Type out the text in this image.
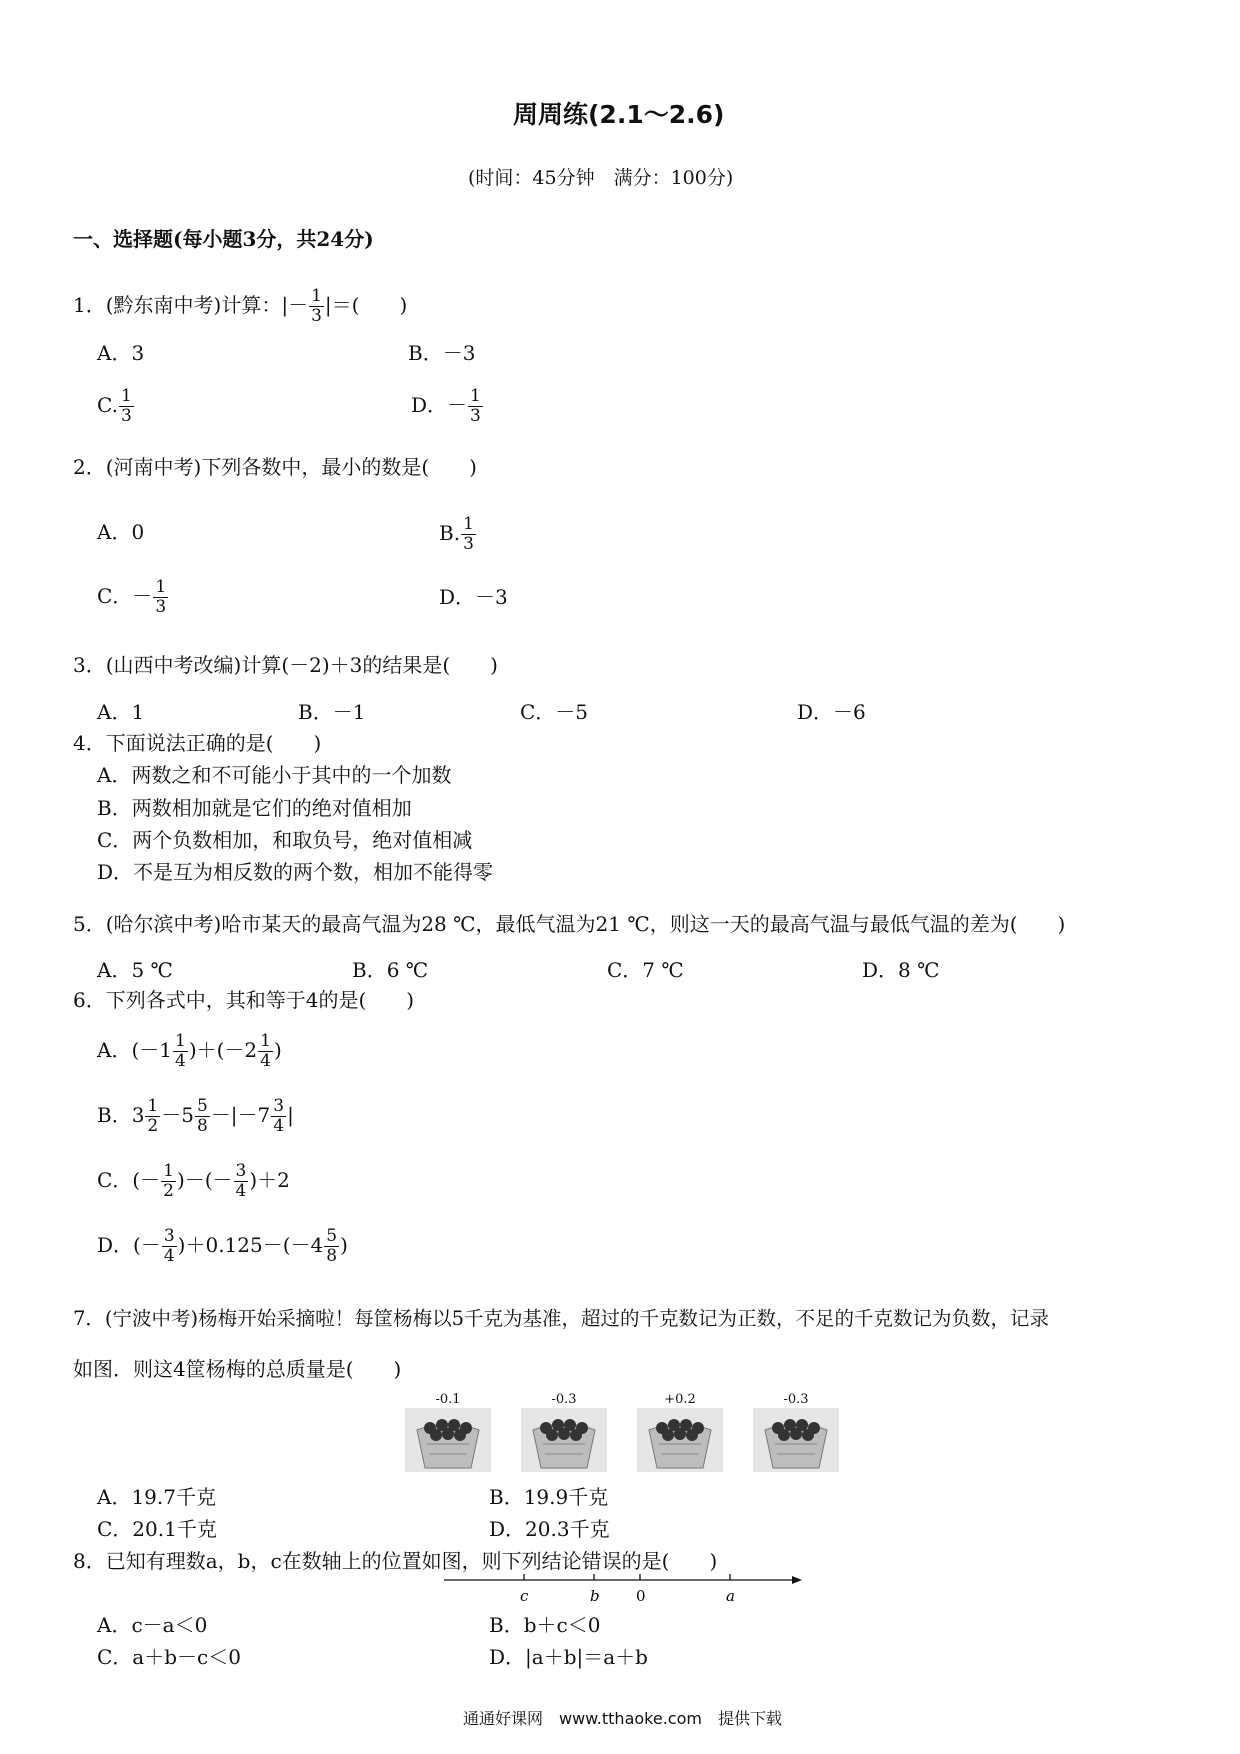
周周练(2.1～2.6)
(时间：45分钟　满分：100分)
一、选择题(每小题3分，共24分)
1．(黔东南中考)计算：|－ $\frac{1}{3}$ |＝(　　)
A．3	B．－3
C. $\frac{1}{3}$	D．－ $\frac{1}{3}$
2．(河南中考)下列各数中，最小的数是(　　)
A．0	B. $\frac{1}{3}$
C．－ $\frac{1}{3}$	D．－3
3．(山西中考改编)计算(－2)＋3的结果是(　　)
A．1	B．－1	C．－5	D．－6
4．下面说法正确的是(　　)
A．两数之和不可能小于其中的一个加数
B．两数相加就是它们的绝对值相加
C．两个负数相加，和取负号，绝对值相减
D．不是互为相反数的两个数，相加不能得零
5．(哈尔滨中考)哈市某天的最高气温为28 ℃，最低气温为21 ℃，则这一天的最高气温与最低气温的差为(　　)
A．5 ℃	B．6 ℃	C．7 ℃	D．8 ℃
6．下列各式中，其和等于4的是(　　)
A．$(-1 \frac{1}{4} )+(-2 \frac{1}{4}$ )
B．$3 \frac{1}{2} -5 \frac{5}{8} -|-7 \frac{3}{4}$ |
C．(－ $\frac{1}{2}$ )－(－ $\frac{3}{4} )+2$
D．(－ $\frac{3}{4} )+0.125-(-4 \frac{5}{8}$ )
7．(宁波中考)杨梅开始采摘啦！每筐杨梅以5千克为基准，超过的千克数记为正数，不足的千克数记为负数，记录
如图．则这4筐杨梅的总质量是(　　)
-0.1	-0.3	+0.2	-0.3
A．19.7千克	B．19.9千克
C．20.1千克	D．20.3千克
8．已知有理数a，b，c在数轴上的位置如图，则下列结论错误的是(　　)
c	b 0	a
A．c－a＜0	B．b＋c＜0
C．a＋b－c＜0	D．|a＋b|＝a＋b
通通好课网　www.tthaoke.com　提供下载
